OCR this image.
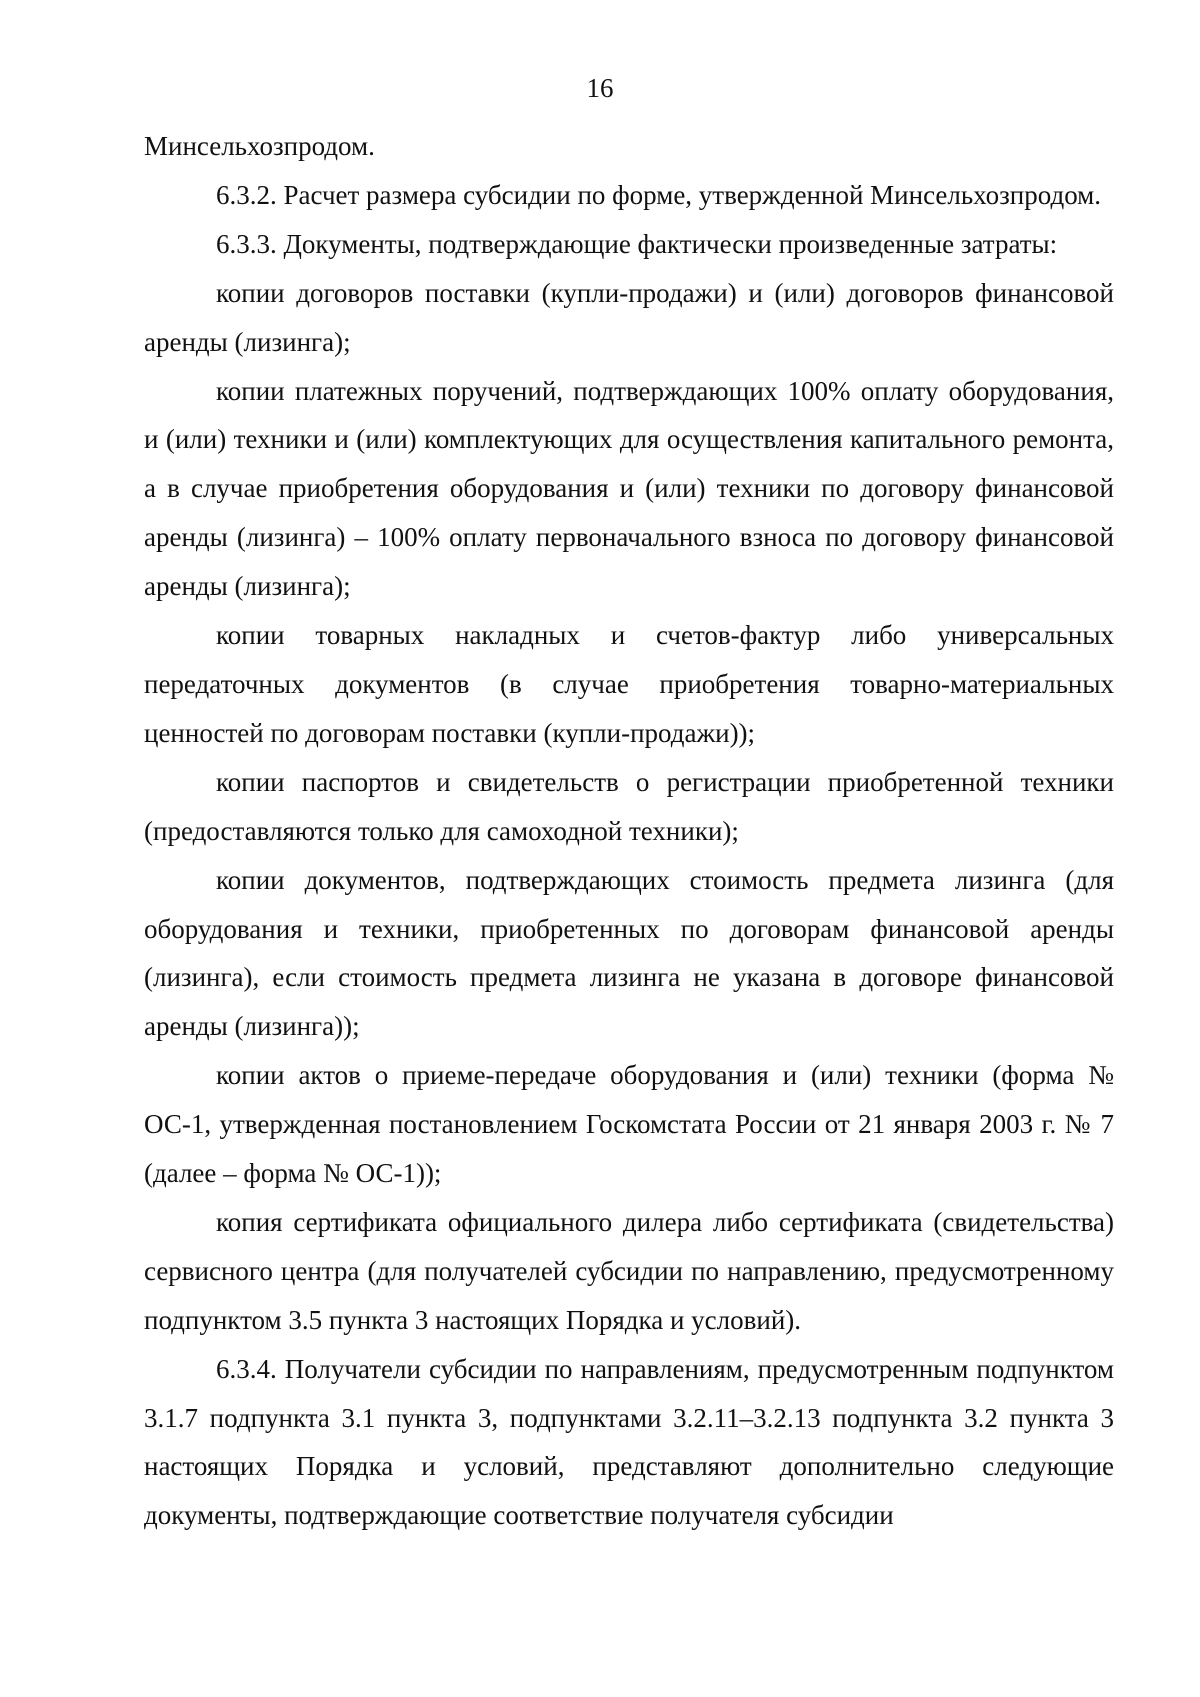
16

Минсельхозпродом.

6.3.2. Расчет размера субсидии по форме, утвержденной Минсельхозпродом.

6.3.3. Документы, подтверждающие фактически произведенные затраты:

копии договоров поставки (купли-продажи) и (или) договоров финансовой аренды (лизинга);

копии платежных поручений, подтверждающих 100% оплату оборудования, и (или) техники и (или) комплектующих для осуществления капитального ремонта, а в случае приобретения оборудования и (или) техники по договору финансовой аренды (лизинга) – 100% оплату первоначального взноса по договору финансовой аренды (лизинга);

копии товарных накладных и счетов-фактур либо универсальных передаточных документов (в случае приобретения товарно-материальных ценностей по договорам поставки (купли-продажи));

копии паспортов и свидетельств о регистрации приобретенной техники (предоставляются только для самоходной техники);

копии документов, подтверждающих стоимость предмета лизинга (для оборудования и техники, приобретенных по договорам финансовой аренды (лизинга), если стоимость предмета лизинга не указана в договоре финансовой аренды (лизинга));

копии актов о приеме-передаче оборудования и (или) техники (форма № ОС-1, утвержденная постановлением Госкомстата России от 21 января 2003 г. № 7 (далее – форма № ОС-1));

копия сертификата официального дилера либо сертификата (свидетельства) сервисного центра (для получателей субсидии по направлению, предусмотренному подпунктом 3.5 пункта 3 настоящих Порядка и условий).

6.3.4. Получатели субсидии по направлениям, предусмотренным подпунктом 3.1.7 подпункта 3.1 пункта 3, подпунктами 3.2.11–3.2.13 подпункта 3.2 пункта 3 настоящих Порядка и условий, представляют дополнительно следующие документы, подтверждающие соответствие получателя субсидии
